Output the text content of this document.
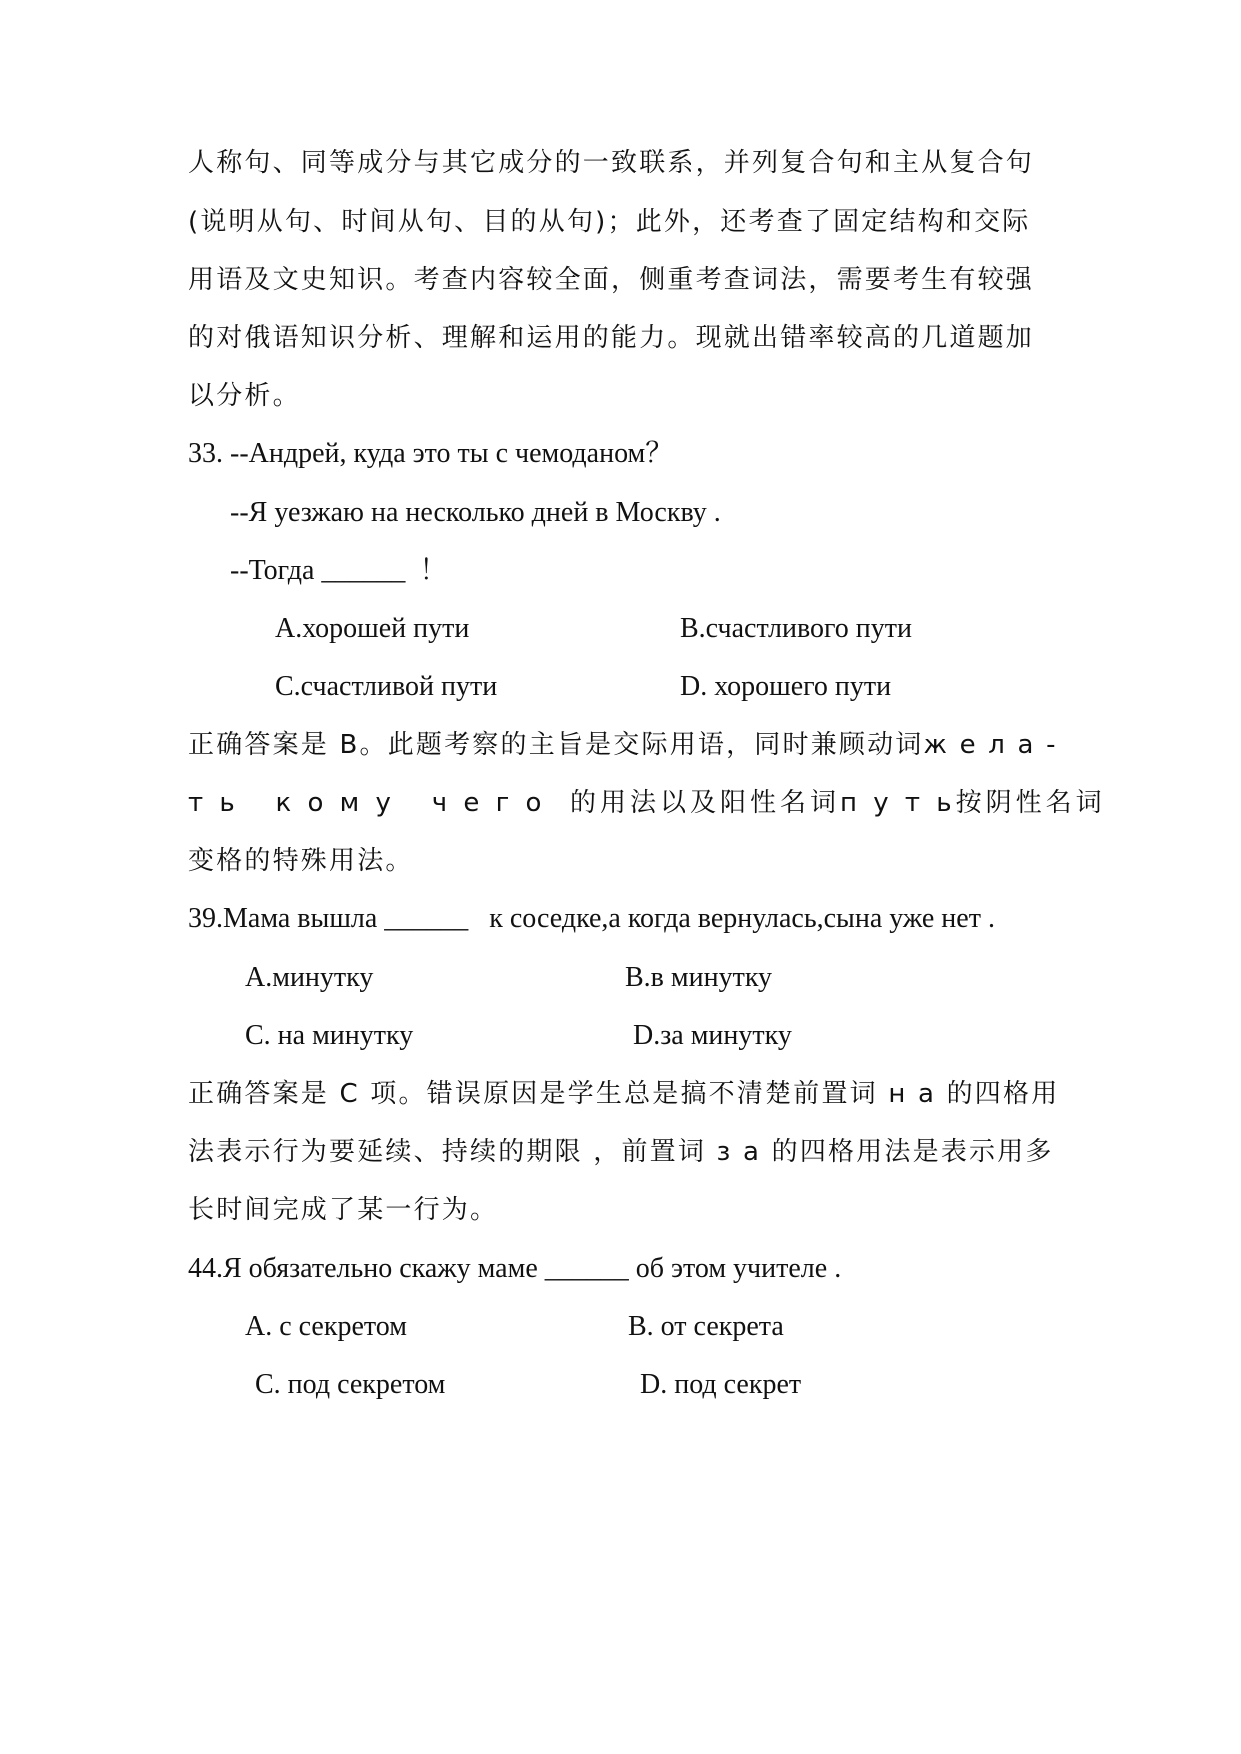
人称句、同等成分与其它成分的一致联系，并列复合句和主从复合句
(说明从句、时间从句、目的从句)；此外，还考查了固定结构和交际
用语及文史知识。考查内容较全面，侧重考查词法，需要考生有较强
的对俄语知识分析、理解和运用的能力。现就出错率较高的几道题加
以分析。
33. --Андрей, куда это ты с чемоданом？
--Я уезжаю на несколько дней в Москву .
--Тогда ______  ！
A.хорошей пути	B.счастливого пути
C.счастливой пути	D. хорошего пути
正确答案是 B。此题考察的主旨是交际用语，同时兼顾动词ж е л а -
т ь   к о м у   ч е г о  的用法以及阳性名词п у т ь按阴性名词
变格的特殊用法。
39.Мама вышла ______   к соседке,а когда вернулась,сына уже нет .
A.минутку	B.в минутку
C. на минутку	D.за минутку
正确答案是 C 项。错误原因是学生总是搞不清楚前置词 н а 的四格用
法表示行为要延续、持续的期限 ，前置词 з а 的四格用法是表示用多
长时间完成了某一行为。
44.Я обязательно скажу маме ______ об этом учителе .
A. с секретом	B. от секрета
C. под секретом	D. под секрет
